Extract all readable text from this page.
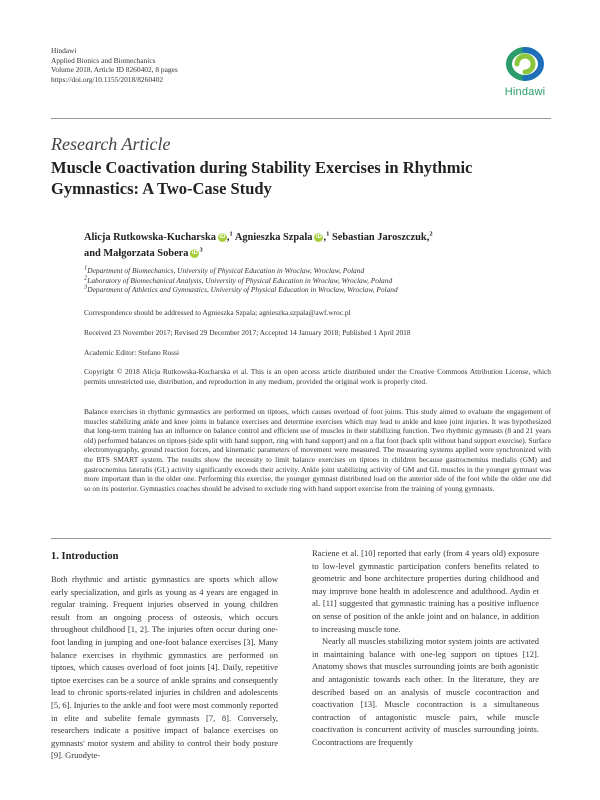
Hindawi
Applied Bionics and Biomechanics
Volume 2018, Article ID 8260402, 8 pages
https://doi.org/10.1155/2018/8260402
Hindawi
Research Article
Muscle Coactivation during Stability Exercises in Rhythmic Gymnastics: A Two-Case Study
Alicja Rutkowska-Kucharska iD ,$^1$ Agnieszka Szpala iD ,$^1$ Sebastian Jaroszczuk,$^2$
and Małgorzata Sobera iD $^3$
1Department of Biomechanics, University of Physical Education in Wroclaw, Wroclaw, Poland
2Laboratory of Biomechanical Analysis, University of Physical Education in Wroclaw, Wroclaw, Poland
3Department of Athletics and Gymnastics, University of Physical Education in Wroclaw, Wroclaw, Poland
Correspondence should be addressed to Agnieszka Szpala; agnieszka.szpala@awf.wroc.pl
Received 23 November 2017; Revised 29 December 2017; Accepted 14 January 2018; Published 1 April 2018
Academic Editor: Stefano Rossi
Copyright © 2018 Alicja Rutkowska-Kucharska et al. This is an open access article distributed under the Creative Commons Attribution License, which permits unrestricted use, distribution, and reproduction in any medium, provided the original work is properly cited.
Balance exercises in rhythmic gymnastics are performed on tiptoes, which causes overload of foot joints. This study aimed to evaluate the engagement of muscles stabilizing ankle and knee joints in balance exercises and determine exercises which may lead to ankle and knee joint injuries. It was hypothesized that long-term training has an influence on balance control and efficient use of muscles in their stabilizing function. Two rhythmic gymnasts (8 and 21 years old) performed balances on tiptoes (side split with hand support, ring with hand support) and on a flat foot (back split without hand support exercise). Surface electromyography, ground reaction forces, and kinematic parameters of movement were measured. The measuring systems applied were synchronized with the BTS SMART system. The results show the necessity to limit balance exercises on tiptoes in children because gastrocnemius medialis (GM) and gastrocnemius lateralis (GL) activity significantly exceeds their activity. Ankle joint stabilizing activity of GM and GL muscles in the younger gymnast was more important than in the older one. Performing this exercise, the younger gymnast distributed load on the anterior side of the foot while the older one did so on its posterior. Gymnastics coaches should be advised to exclude ring with hand support exercise from the training of young gymnasts.
1. Introduction

Both rhythmic and artistic gymnastics are sports which allow early specialization, and girls as young as 4 years are engaged in regular training. Frequent injuries observed in young children result from an ongoing process of osteosis, which occurs throughout childhood [1, 2]. The injuries often occur during one-foot landing in jumping and one-foot balance exercises [3]. Many balance exercises in rhythmic gymnastics are performed on tiptoes, which causes overload of foot joints [4]. Daily, repetitive tiptoe exercises can be a source of ankle sprains and consequently lead to chronic sports-related injuries in children and adolescents [5, 6]. Injuries to the ankle and foot were most commonly reported in elite and subelite female gymnasts [7, 8]. Conversely, researchers indicate a positive impact of balance exercises on gymnasts' motor system and ability to control their body posture [9]. Gruodyte-

Raciene et al. [10] reported that early (from 4 years old) exposure to low-level gymnastic participation confers benefits related to geometric and bone architecture properties during childhood and may improve bone health in adolescence and adulthood. Aydin et al. [11] suggested that gymnastic training has a positive influence on sense of position of the ankle joint and on balance, in addition to increasing muscle tone.

Nearly all muscles stabilizing motor system joints are activated in maintaining balance with one-leg support on tiptoes [12]. Anatomy shows that muscles surrounding joints are both agonistic and antagonistic towards each other. In the literature, they are described based on an analysis of muscle cocontraction and coactivation [13]. Muscle cocontraction is a simultaneous contraction of antagonistic muscle pairs, while muscle coactivation is concurrent activity of muscles surrounding joints. Cocontractions are frequently
